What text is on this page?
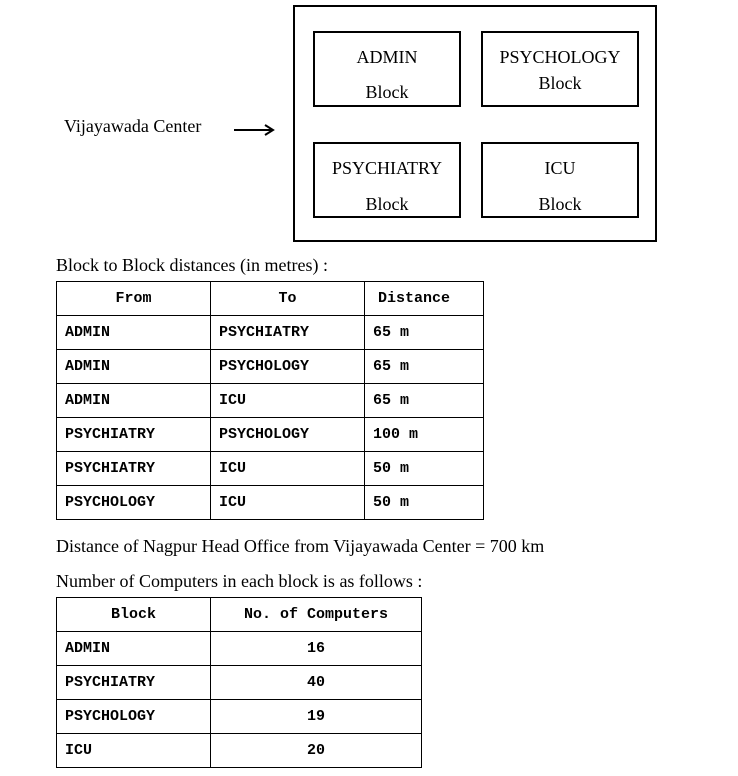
Vijayawada Center
ADMIN
Block
PSYCHOLOGY
Block
PSYCHIATRY
Block
ICU
Block
Block to Block distances (in metres) :
From	To	Distance
ADMIN	PSYCHIATRY	65 m
ADMIN	PSYCHOLOGY	65 m
ADMIN	ICU	65 m
PSYCHIATRY	PSYCHOLOGY	100 m
PSYCHIATRY	ICU	50 m
PSYCHOLOGY	ICU	50 m
Distance of Nagpur Head Office from Vijayawada Center = 700 km
Number of Computers in each block is as follows :
Block	No. of Computers
ADMIN	16
PSYCHIATRY	40
PSYCHOLOGY	19
ICU	20
